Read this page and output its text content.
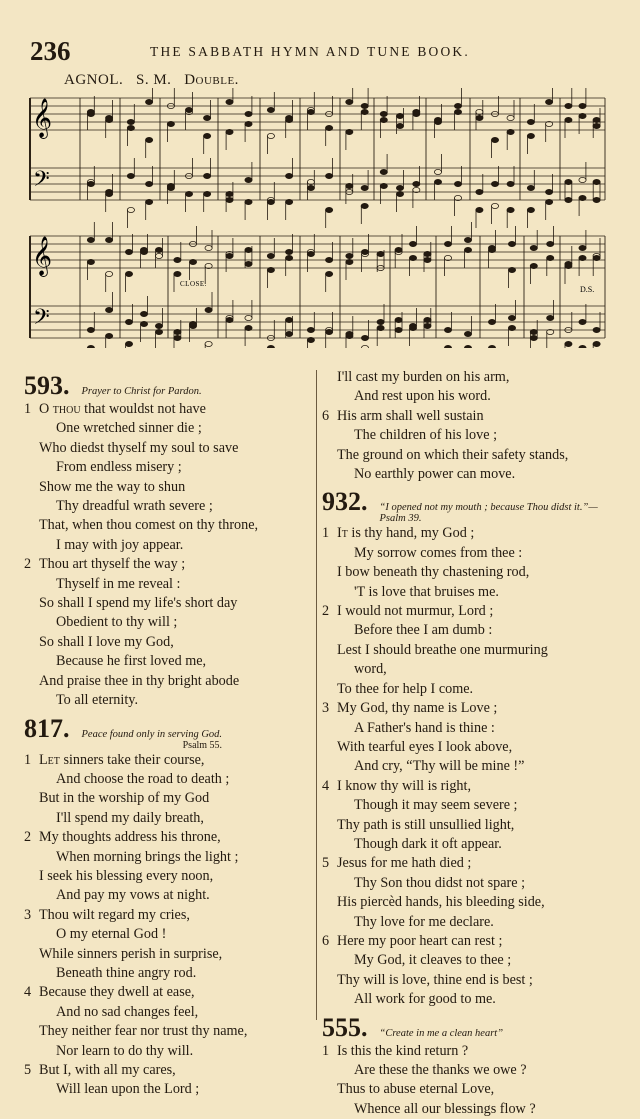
236	THE SABBATH HYMN AND TUNE BOOK.
AGNOL. S. M. Double.
𝄞
𝄢
𝄞
𝄢
CLOSE.
D.S.
593. Prayer to Christ for Pardon.
1 O thou that wouldst not have
One wretched sinner die ;
Who diedst thyself my soul to save
From endless misery ;
Show me the way to shun
Thy dreadful wrath severe ;
That, when thou comest on thy throne,
I may with joy appear.
2 Thou art thyself the way ;
Thyself in me reveal :
So shall I spend my life's short day
Obedient to thy will ;
So shall I love my God,
Because he first loved me,
And praise thee in thy bright abode
To all eternity.
817. Peace found only in serving God.
Psalm 55.
1 Let sinners take their course,
And choose the road to death ;
But in the worship of my God
I'll spend my daily breath,
2 My thoughts address his throne,
When morning brings the light ;
I seek his blessing every noon,
And pay my vows at night.
3 Thou wilt regard my cries,
O my eternal God !
While sinners perish in surprise,
Beneath thine angry rod.
4 Because they dwell at ease,
And no sad changes feel,
They neither fear nor trust thy name,
Nor learn to do thy will.
5 But I, with all my cares,
Will lean upon the Lord ;
I'll cast my burden on his arm,
And rest upon his word.
6 His arm shall well sustain
The children of his love ;
The ground on which their safety stands,
No earthly power can move.
932. “I opened not my mouth ; because Thou didst it.”—Psalm 39.
1 It is thy hand, my God ;
My sorrow comes from thee :
I bow beneath thy chastening rod,
'T is love that bruises me.
2 I would not murmur, Lord ;
Before thee I am dumb :
Lest I should breathe one murmuring
word,
To thee for help I come.
3 My God, thy name is Love ;
A Father's hand is thine :
With tearful eyes I look above,
And cry, “Thy will be mine !”
4 I know thy will is right,
Though it may seem severe ;
Thy path is still unsullied light,
Though dark it oft appear.
5 Jesus for me hath died ;
Thy Son thou didst not spare ;
His piercèd hands, his bleeding side,
Thy love for me declare.
6 Here my poor heart can rest ;
My God, it cleaves to thee ;
Thy will is love, thine end is best ;
All work for good to me.
555. “Create in me a clean heart”
1 Is this the kind return ?
Are these the thanks we owe ?
Thus to abuse eternal Love,
Whence all our blessings flow ?
